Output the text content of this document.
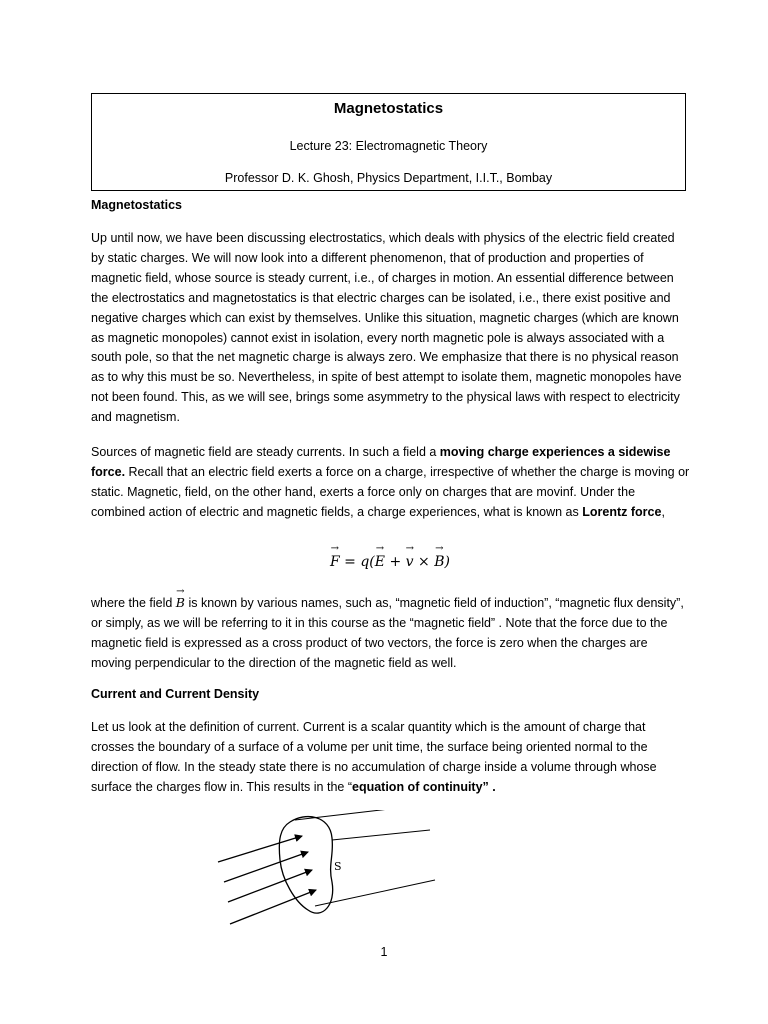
Magnetostatics
Lecture 23: Electromagnetic Theory
Professor D. K. Ghosh, Physics Department, I.I.T., Bombay
Magnetostatics

Up until now, we have been discussing electrostatics, which deals with physics of the electric field created by static charges. We will now look into a different phenomenon, that of production and properties of magnetic field, whose source is steady current, i.e., of charges in motion. An essential difference between the electrostatics and magnetostatics is that electric charges can be isolated, i.e., there exist positive and negative charges which can exist by themselves. Unlike this situation, magnetic charges (which are known as magnetic monopoles) cannot exist in isolation, every north magnetic pole is always associated with a south pole, so that the net magnetic charge is always zero. We emphasize that there is no physical reason as to why this must be so. Nevertheless, in spite of best attempt to isolate them, magnetic monopoles have not been found. This, as we will see, brings some asymmetry to the physical laws with respect to electricity and magnetism.

Sources of magnetic field are steady currents. In such a field a moving charge experiences a sidewise force. Recall that an electric field exerts a force on a charge, irrespective of whether the charge is moving or static. Magnetic, field, on the other hand, exerts a force only on charges that are movinf. Under the combined action of electric and magnetic fields, a charge experiences, what is known as Lorentz force,

→ F = q(→ E + → v × → B)

where the field → B is known by various names, such as, “magnetic field of induction”, “magnetic flux density”, or simply, as we will be referring to it in this course as the “magnetic field” . Note that the force due to the magnetic field is expressed as a cross product of two vectors, the force is zero when the charges are moving perpendicular to the direction of the magnetic field as well.

Current and Current Density

Let us look at the definition of current. Current is a scalar quantity which is the amount of charge that crosses the boundary of a surface of a volume per unit time, the surface being oriented normal to the direction of flow. In the steady state there is no accumulation of charge inside a volume through whose surface the charges flow in. This results in the “equation of continuity” .

S
1
